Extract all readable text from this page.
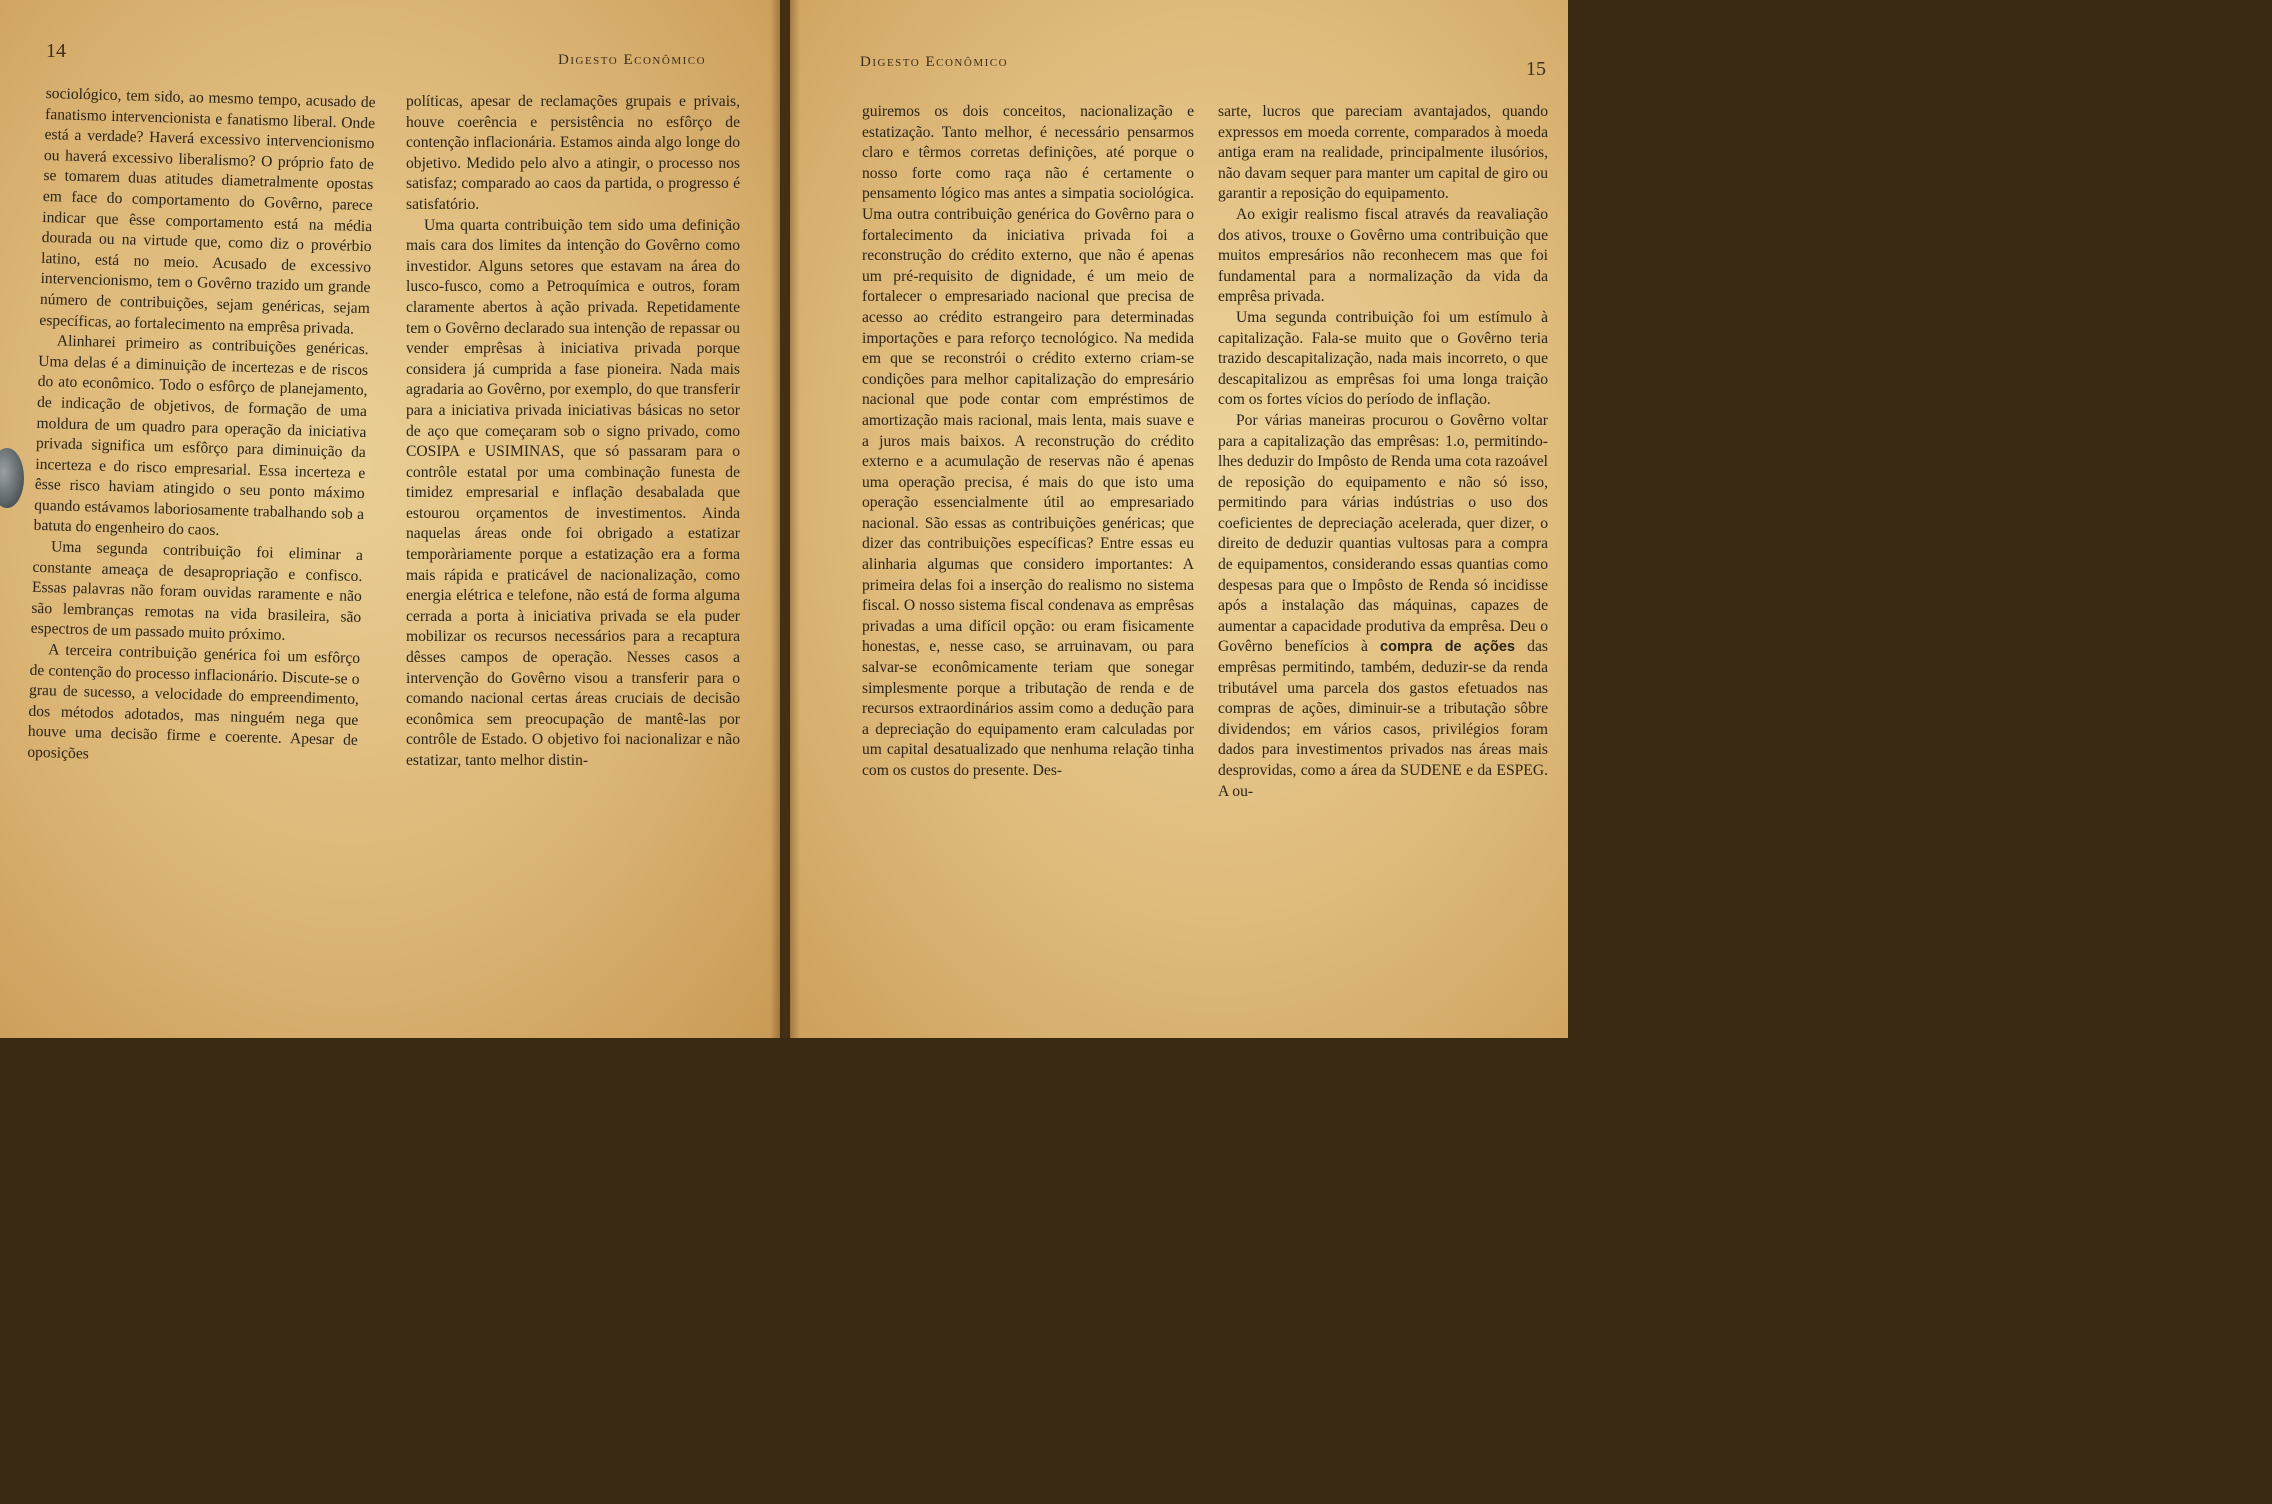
14	Digesto Econômico

sociológico, tem sido, ao mesmo tempo, acusado de fanatismo intervencionista e fanatismo liberal. Onde está a verdade? Haverá excessivo intervencionismo ou haverá excessivo liberalismo? O próprio fato de se tomarem duas atitudes diametralmente opostas em face do comportamento do Govêrno, parece indicar que êsse comportamento está na média dourada ou na virtude que, como diz o provérbio latino, está no meio. Acusado de excessivo intervencionismo, tem o Govêrno trazido um grande número de contribuições, sejam genéricas, sejam específicas, ao fortalecimento na emprêsa privada.

Alinharei primeiro as contribuições genéricas. Uma delas é a diminuição de incertezas e de riscos do ato econômico. Todo o esfôrço de planejamento, de indicação de objetivos, de formação de uma moldura de um quadro para operação da iniciativa privada significa um esfôrço para diminuição da incerteza e do risco empresarial. Essa incerteza e êsse risco haviam atingido o seu ponto máximo quando estávamos laboriosamente trabalhando sob a batuta do engenheiro do caos.

Uma segunda contribuição foi eliminar a constante ameaça de desapropriação e confisco. Essas palavras não foram ouvidas raramente e não são lembranças remotas na vida brasileira, são espectros de um passado muito próximo.

A terceira contribuição genérica foi um esfôrço de contenção do processo inflacionário. Discute-se o grau de sucesso, a velocidade do empreendimento, dos métodos adotados, mas ninguém nega que houve uma decisão firme e coerente. Apesar de oposições

políticas, apesar de reclamações grupais e privais, houve coerência e persistência no esfôrço de contenção inflacionária. Estamos ainda algo longe do objetivo. Medido pelo alvo a atingir, o processo nos satisfaz; comparado ao caos da partida, o progresso é satisfatório.

Uma quarta contribuição tem sido uma definição mais cara dos limites da intenção do Govêrno como investidor. Alguns setores que estavam na área do lusco-fusco, como a Petroquímica e outros, foram claramente abertos à ação privada. Repetidamente tem o Govêrno declarado sua intenção de repassar ou vender emprêsas à iniciativa privada porque considera já cumprida a fase pioneira. Nada mais agradaria ao Govêrno, por exemplo, do que transferir para a iniciativa privada iniciativas básicas no setor de aço que começaram sob o signo privado, como COSIPA e USIMINAS, que só passaram para o contrôle estatal por uma combinação funesta de timidez empresarial e inflação desabalada que estourou orçamentos de investimentos. Ainda naquelas áreas onde foi obrigado a estatizar temporàriamente porque a estatização era a forma mais rápida e praticável de nacionalização, como energia elétrica e telefone, não está de forma alguma cerrada a porta à iniciativa privada se ela puder mobilizar os recursos necessários para a recaptura dêsses campos de operação. Nesses casos a intervenção do Govêrno visou a transferir para o comando nacional certas áreas cruciais de decisão econômica sem preocupação de mantê-las por contrôle de Estado. O objetivo foi nacionalizar e não estatizar, tanto melhor distin-

Digesto Econômico	15

guiremos os dois conceitos, nacionalização e estatização. Tanto melhor, é necessário pensarmos claro e têrmos corretas definições, até porque o nosso forte como raça não é certamente o pensamento lógico mas antes a simpatia sociológica. Uma outra contribuição genérica do Govêrno para o fortalecimento da iniciativa privada foi a reconstrução do crédito externo, que não é apenas um pré-requisito de dignidade, é um meio de fortalecer o empresariado nacional que precisa de acesso ao crédito estrangeiro para determinadas importações e para reforço tecnológico. Na medida em que se reconstrói o crédito externo criam-se condições para melhor capitalização do empresário nacional que pode contar com empréstimos de amortização mais racional, mais lenta, mais suave e a juros mais baixos. A reconstrução do crédito externo e a acumulação de reservas não é apenas uma operação precisa, é mais do que isto uma operação essencialmente útil ao empresariado nacional. São essas as contribuições genéricas; que dizer das contribuições específicas? Entre essas eu alinharia algumas que considero importantes: A primeira delas foi a inserção do realismo no sistema fiscal. O nosso sistema fiscal condenava as emprêsas privadas a uma difícil opção: ou eram fisicamente honestas, e, nesse caso, se arruinavam, ou para salvar-se econômicamente teriam que sonegar simplesmente porque a tributação de renda e de recursos extraordinários assim como a dedução para a depreciação do equipamento eram calculadas por um capital desatualizado que nenhuma relação tinha com os custos do presente. Des-

sarte, lucros que pareciam avantajados, quando expressos em moeda corrente, comparados à moeda antiga eram na realidade, principalmente ilusórios, não davam sequer para manter um capital de giro ou garantir a reposição do equipamento.

Ao exigir realismo fiscal através da reavaliação dos ativos, trouxe o Govêrno uma contribuição que muitos empresários não reconhecem mas que foi fundamental para a normalização da vida da emprêsa privada.

Uma segunda contribuição foi um estímulo à capitalização. Fala-se muito que o Govêrno teria trazido descapitalização, nada mais incorreto, o que descapitalizou as emprêsas foi uma longa traição com os fortes vícios do período de inflação.

Por várias maneiras procurou o Govêrno voltar para a capitalização das emprêsas: 1.o, permitindo-lhes deduzir do Impôsto de Renda uma cota razoável de reposição do equipamento e não só isso, permitindo para várias indústrias o uso dos coeficientes de depreciação acelerada, quer dizer, o direito de deduzir quantias vultosas para a compra de equipamentos, considerando essas quantias como despesas para que o Impôsto de Renda só incidisse após a instalação das máquinas, capazes de aumentar a capacidade produtiva da emprêsa. Deu o Govêrno benefícios à compra de ações das emprêsas permitindo, também, deduzir-se da renda tributável uma parcela dos gastos efetuados nas compras de ações, diminuir-se a tributação sôbre dividendos; em vários casos, privilégios foram dados para investimentos privados nas áreas mais desprovidas, como a área da SUDENE e da ESPEG. A ou-
